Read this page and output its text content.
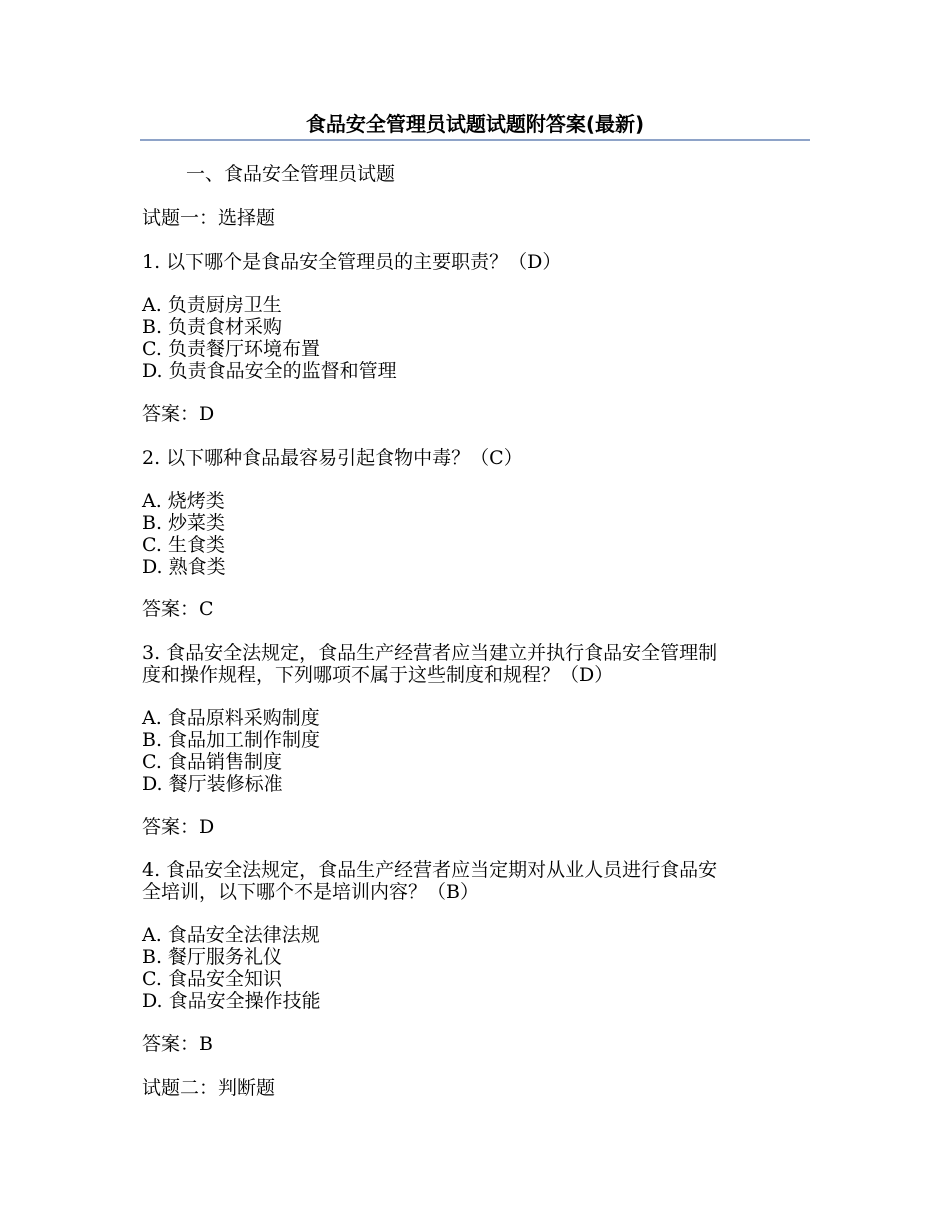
食品安全管理员试题试题附答案(最新)
一、食品安全管理员试题
试题一：选择题
1. 以下哪个是食品安全管理员的主要职责？（D）
A. 负责厨房卫生
B. 负责食材采购
C. 负责餐厅环境布置
D. 负责食品安全的监督和管理
答案：D
2. 以下哪种食品最容易引起食物中毒？（C）
A. 烧烤类
B. 炒菜类
C. 生食类
D. 熟食类
答案：C
3. 食品安全法规定，食品生产经营者应当建立并执行食品安全管理制
度和操作规程，下列哪项不属于这些制度和规程？（D）
A. 食品原料采购制度
B. 食品加工制作制度
C. 食品销售制度
D. 餐厅装修标准
答案：D
4. 食品安全法规定，食品生产经营者应当定期对从业人员进行食品安
全培训，以下哪个不是培训内容？（B）
A. 食品安全法律法规
B. 餐厅服务礼仪
C. 食品安全知识
D. 食品安全操作技能
答案：B
试题二：判断题
